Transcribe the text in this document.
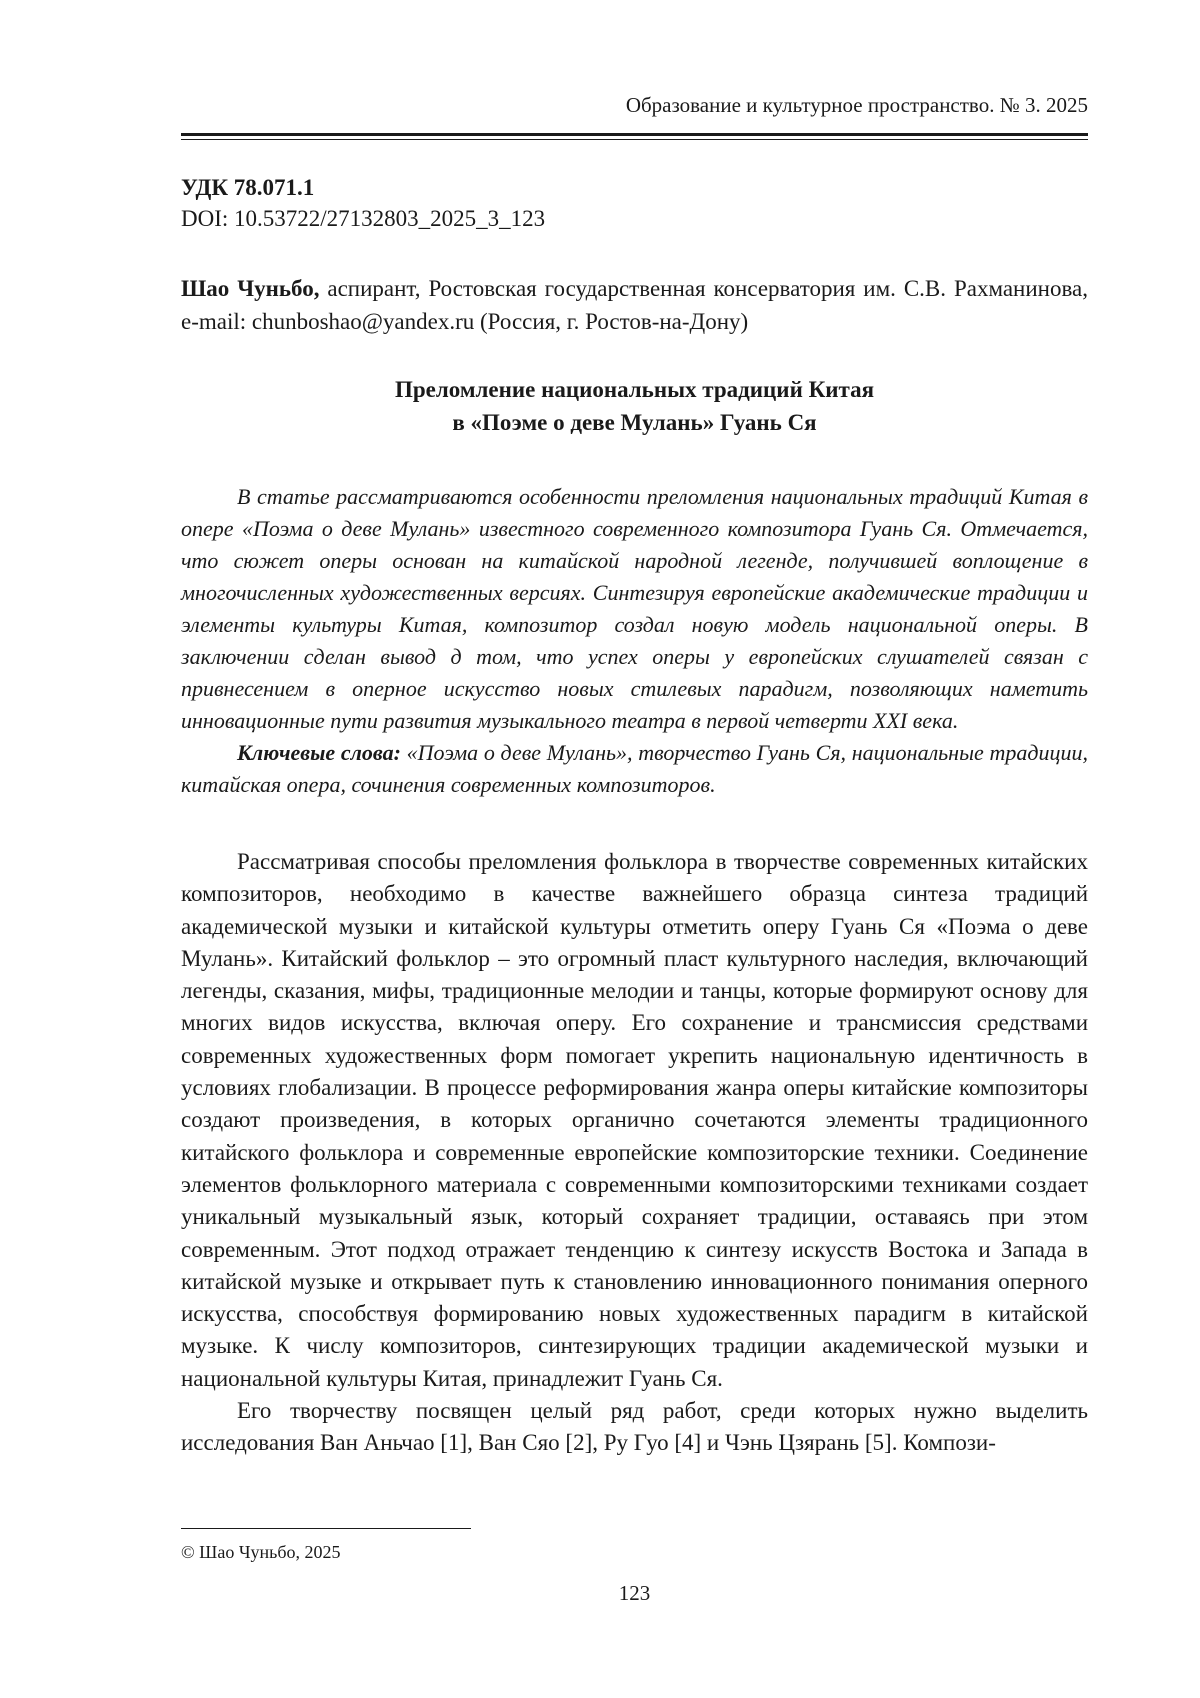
Образование и культурное пространство. № 3. 2025
УДК 78.071.1
DOI: 10.53722/27132803_2025_3_123
Шао Чуньбо, аспирант, Ростовская государственная консерватория им. С.В. Рахманинова, e-mail: chunboshao@yandex.ru (Россия, г. Ростов-на-Дону)
Преломление национальных традиций Китая
в «Поэме о деве Мулань» Гуань Ся

В статье рассматриваются особенности преломления национальных традиций Китая в опере «Поэма о деве Мулань» известного современного композитора Гуань Ся. Отмечается, что сюжет оперы основан на китайской народной легенде, получившей воплощение в многочисленных художественных версиях. Синтезируя европейские академические традиции и элементы культуры Китая, композитор создал новую модель национальной оперы. В заключении сделан вывод д том, что успех оперы у европейских слушателей связан с привнесением в оперное искусство новых стилевых парадигм, позволяющих наметить инновационные пути развития музыкального театра в первой четверти XXI века.

Ключевые слова: «Поэма о деве Мулань», творчество Гуань Ся, национальные традиции, китайская опера, сочинения современных композиторов.

Рассматривая способы преломления фольклора в творчестве современных китайских композиторов, необходимо в качестве важнейшего образца синтеза традиций академической музыки и китайской культуры отметить оперу Гуань Ся «Поэма о деве Мулань». Китайский фольклор – это огромный пласт культурного наследия, включающий легенды, сказания, мифы, традиционные мелодии и танцы, которые формируют основу для многих видов искусства, включая оперу. Его сохранение и трансмиссия средствами современных художественных форм помогает укрепить национальную идентичность в условиях глобализации. В процессе реформирования жанра оперы китайские композиторы создают произведения, в которых органично сочетаются элементы традиционного китайского фольклора и современные европейские композиторские техники. Соединение элементов фольклорного материала с современными композиторскими техниками создает уникальный музыкальный язык, который сохраняет традиции, оставаясь при этом современным. Этот подход отражает тенденцию к синтезу искусств Востока и Запада в китайской музыке и открывает путь к становлению инновационного понимания оперного искусства, способствуя формированию новых художественных парадигм в китайской музыке. К числу композиторов, синтезирующих традиции академической музыки и национальной культуры Китая, принадлежит Гуань Ся.

Его творчеству посвящен целый ряд работ, среди которых нужно выделить исследования Ван Аньчао [1], Ван Сяо [2], Ру Гуо [4] и Чэнь Цзярань [5]. Компози-

© Шао Чуньбо, 2025
123
